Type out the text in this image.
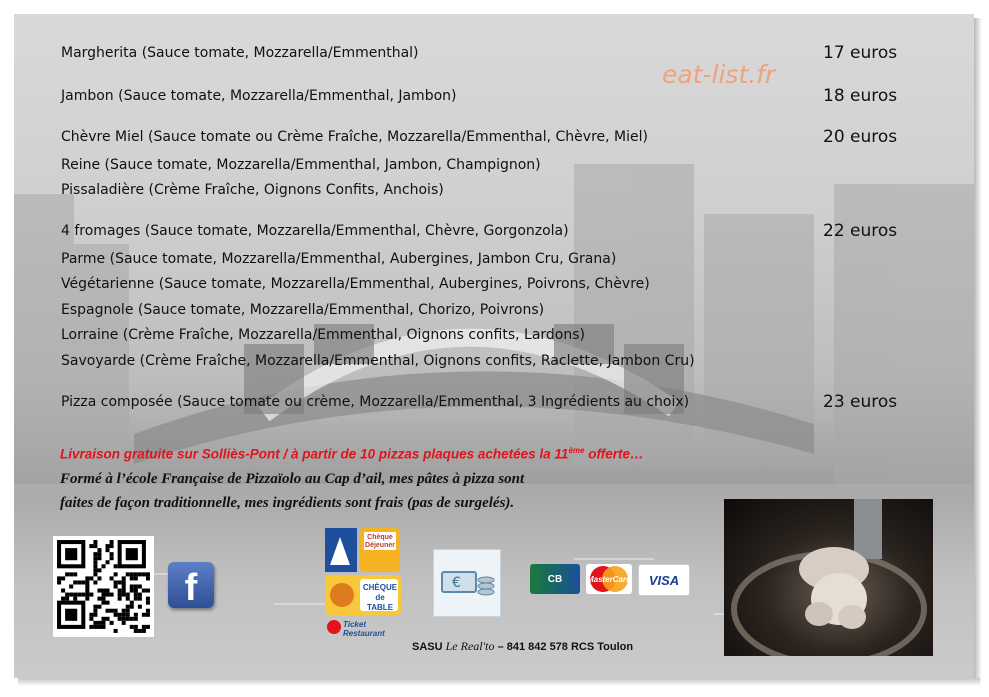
eat-list.fr
Margherita (Sauce tomate, Mozzarella/Emmenthal)	17 euros
Jambon (Sauce tomate, Mozzarella/Emmenthal, Jambon)	18 euros
Chèvre Miel (Sauce tomate ou Crème Fraîche, Mozzarella/Emmenthal, Chèvre, Miel)	20 euros
Reine (Sauce tomate, Mozzarella/Emmenthal, Jambon, Champignon)
Pissaladière (Crème Fraîche, Oignons Confits, Anchois)
4 fromages (Sauce tomate, Mozzarella/Emmenthal, Chèvre, Gorgonzola)	22 euros
Parme (Sauce tomate, Mozzarella/Emmenthal, Aubergines, Jambon Cru, Grana)
Végétarienne (Sauce tomate, Mozzarella/Emmenthal, Aubergines, Poivrons, Chèvre)
Espagnole (Sauce tomate, Mozzarella/Emmenthal, Chorizo, Poivrons)
Lorraine (Crème Fraîche, Mozzarella/Emmenthal, Oignons confits, Lardons)
Savoyarde (Crème Fraîche, Mozzarella/Emmenthal, Oignons confits, Raclette, Jambon Cru)
Pizza composée (Sauce tomate ou crème, Mozzarella/Emmenthal, 3 Ingrédients au choix)	23 euros
Livraison gratuite sur Solliès-Pont / à partir de 10 pizzas plaques achetées la 11ème offerte…
Formé à l’école Française de Pizzaïolo au Cap d’ail, mes pâtes à pizza sont
faites de façon traditionnelle, mes ingrédients sont frais (pas de surgelés).
f
Chèque Déjeuner
CHÈQUE de TABLE
Ticket Restaurant
€	CB	MasterCard	VISA
SASU Le Real'to – 841 842 578 RCS Toulon
